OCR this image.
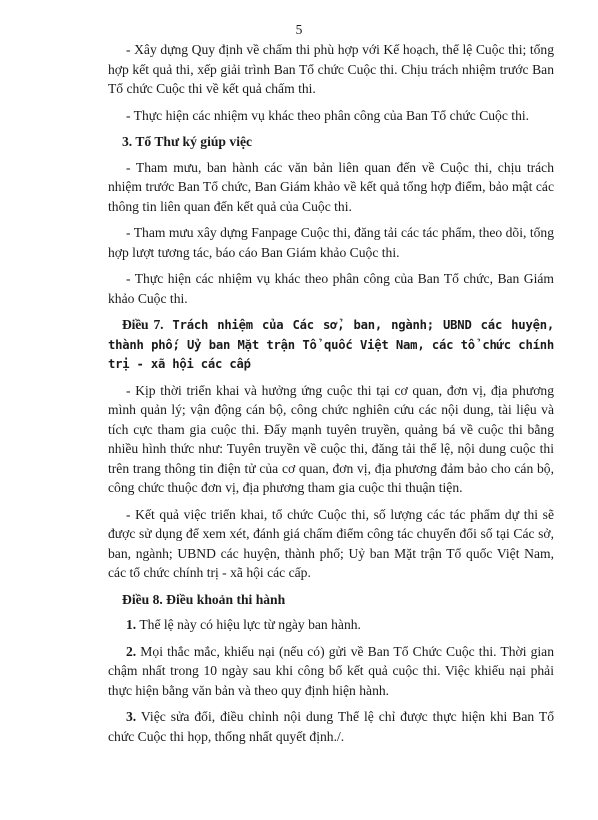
5

- Xây dựng Quy định về chấm thi phù hợp với Kế hoạch, thể lệ Cuộc thi; tổng hợp kết quả thi, xếp giải trình Ban Tổ chức Cuộc thi. Chịu trách nhiệm trước Ban Tổ chức Cuộc thi về kết quả chấm thi.

- Thực hiện các nhiệm vụ khác theo phân công của Ban Tổ chức Cuộc thi.

3. Tổ Thư ký giúp việc

- Tham mưu, ban hành các văn bản liên quan đến về Cuộc thi, chịu trách nhiệm trước Ban Tổ chức, Ban Giám khảo về kết quả tổng hợp điểm, bảo mật các thông tin liên quan đến kết quả của Cuộc thi.

- Tham mưu xây dựng Fanpage Cuộc thi, đăng tải các tác phẩm, theo dõi, tổng hợp lượt tương tác, báo cáo Ban Giám khảo Cuộc thi.

- Thực hiện các nhiệm vụ khác theo phân công của Ban Tổ chức, Ban Giám khảo Cuộc thi.

Điều 7. Trách nhiệm của Các sở, ban, ngành; UBND các huyện, thành phố; Uỷ ban Mặt trận Tổ quốc Việt Nam, các tổ chức chính trị - xã hội các cấp

- Kịp thời triển khai và hưởng ứng cuộc thi tại cơ quan, đơn vị, địa phương mình quản lý; vận động cán bộ, công chức nghiên cứu các nội dung, tài liệu và tích cực tham gia cuộc thi. Đẩy mạnh tuyên truyền, quảng bá về cuộc thi bằng nhiều hình thức như: Tuyên truyền về cuộc thi, đăng tải thể lệ, nội dung cuộc thi trên trang thông tin điện tử của cơ quan, đơn vị, địa phương đảm bảo cho cán bộ, công chức thuộc đơn vị, địa phương tham gia cuộc thi thuận tiện.

- Kết quả việc triển khai, tổ chức Cuộc thi, số lượng các tác phẩm dự thi sẽ được sử dụng để xem xét, đánh giá chấm điểm công tác chuyển đổi số tại Các sở, ban, ngành; UBND các huyện, thành phố; Uỷ ban Mặt trận Tổ quốc Việt Nam, các tổ chức chính trị - xã hội các cấp.

Điều 8. Điều khoản thi hành

1. Thể lệ này có hiệu lực từ ngày ban hành.

2. Mọi thắc mắc, khiếu nại (nếu có) gửi về Ban Tổ Chức Cuộc thi. Thời gian chậm nhất trong 10 ngày sau khi công bố kết quả cuộc thi. Việc khiếu nại phải thực hiện bằng văn bản và theo quy định hiện hành.

3. Việc sửa đổi, điều chỉnh nội dung Thể lệ chỉ được thực hiện khi Ban Tổ chức Cuộc thi họp, thống nhất quyết định./.
